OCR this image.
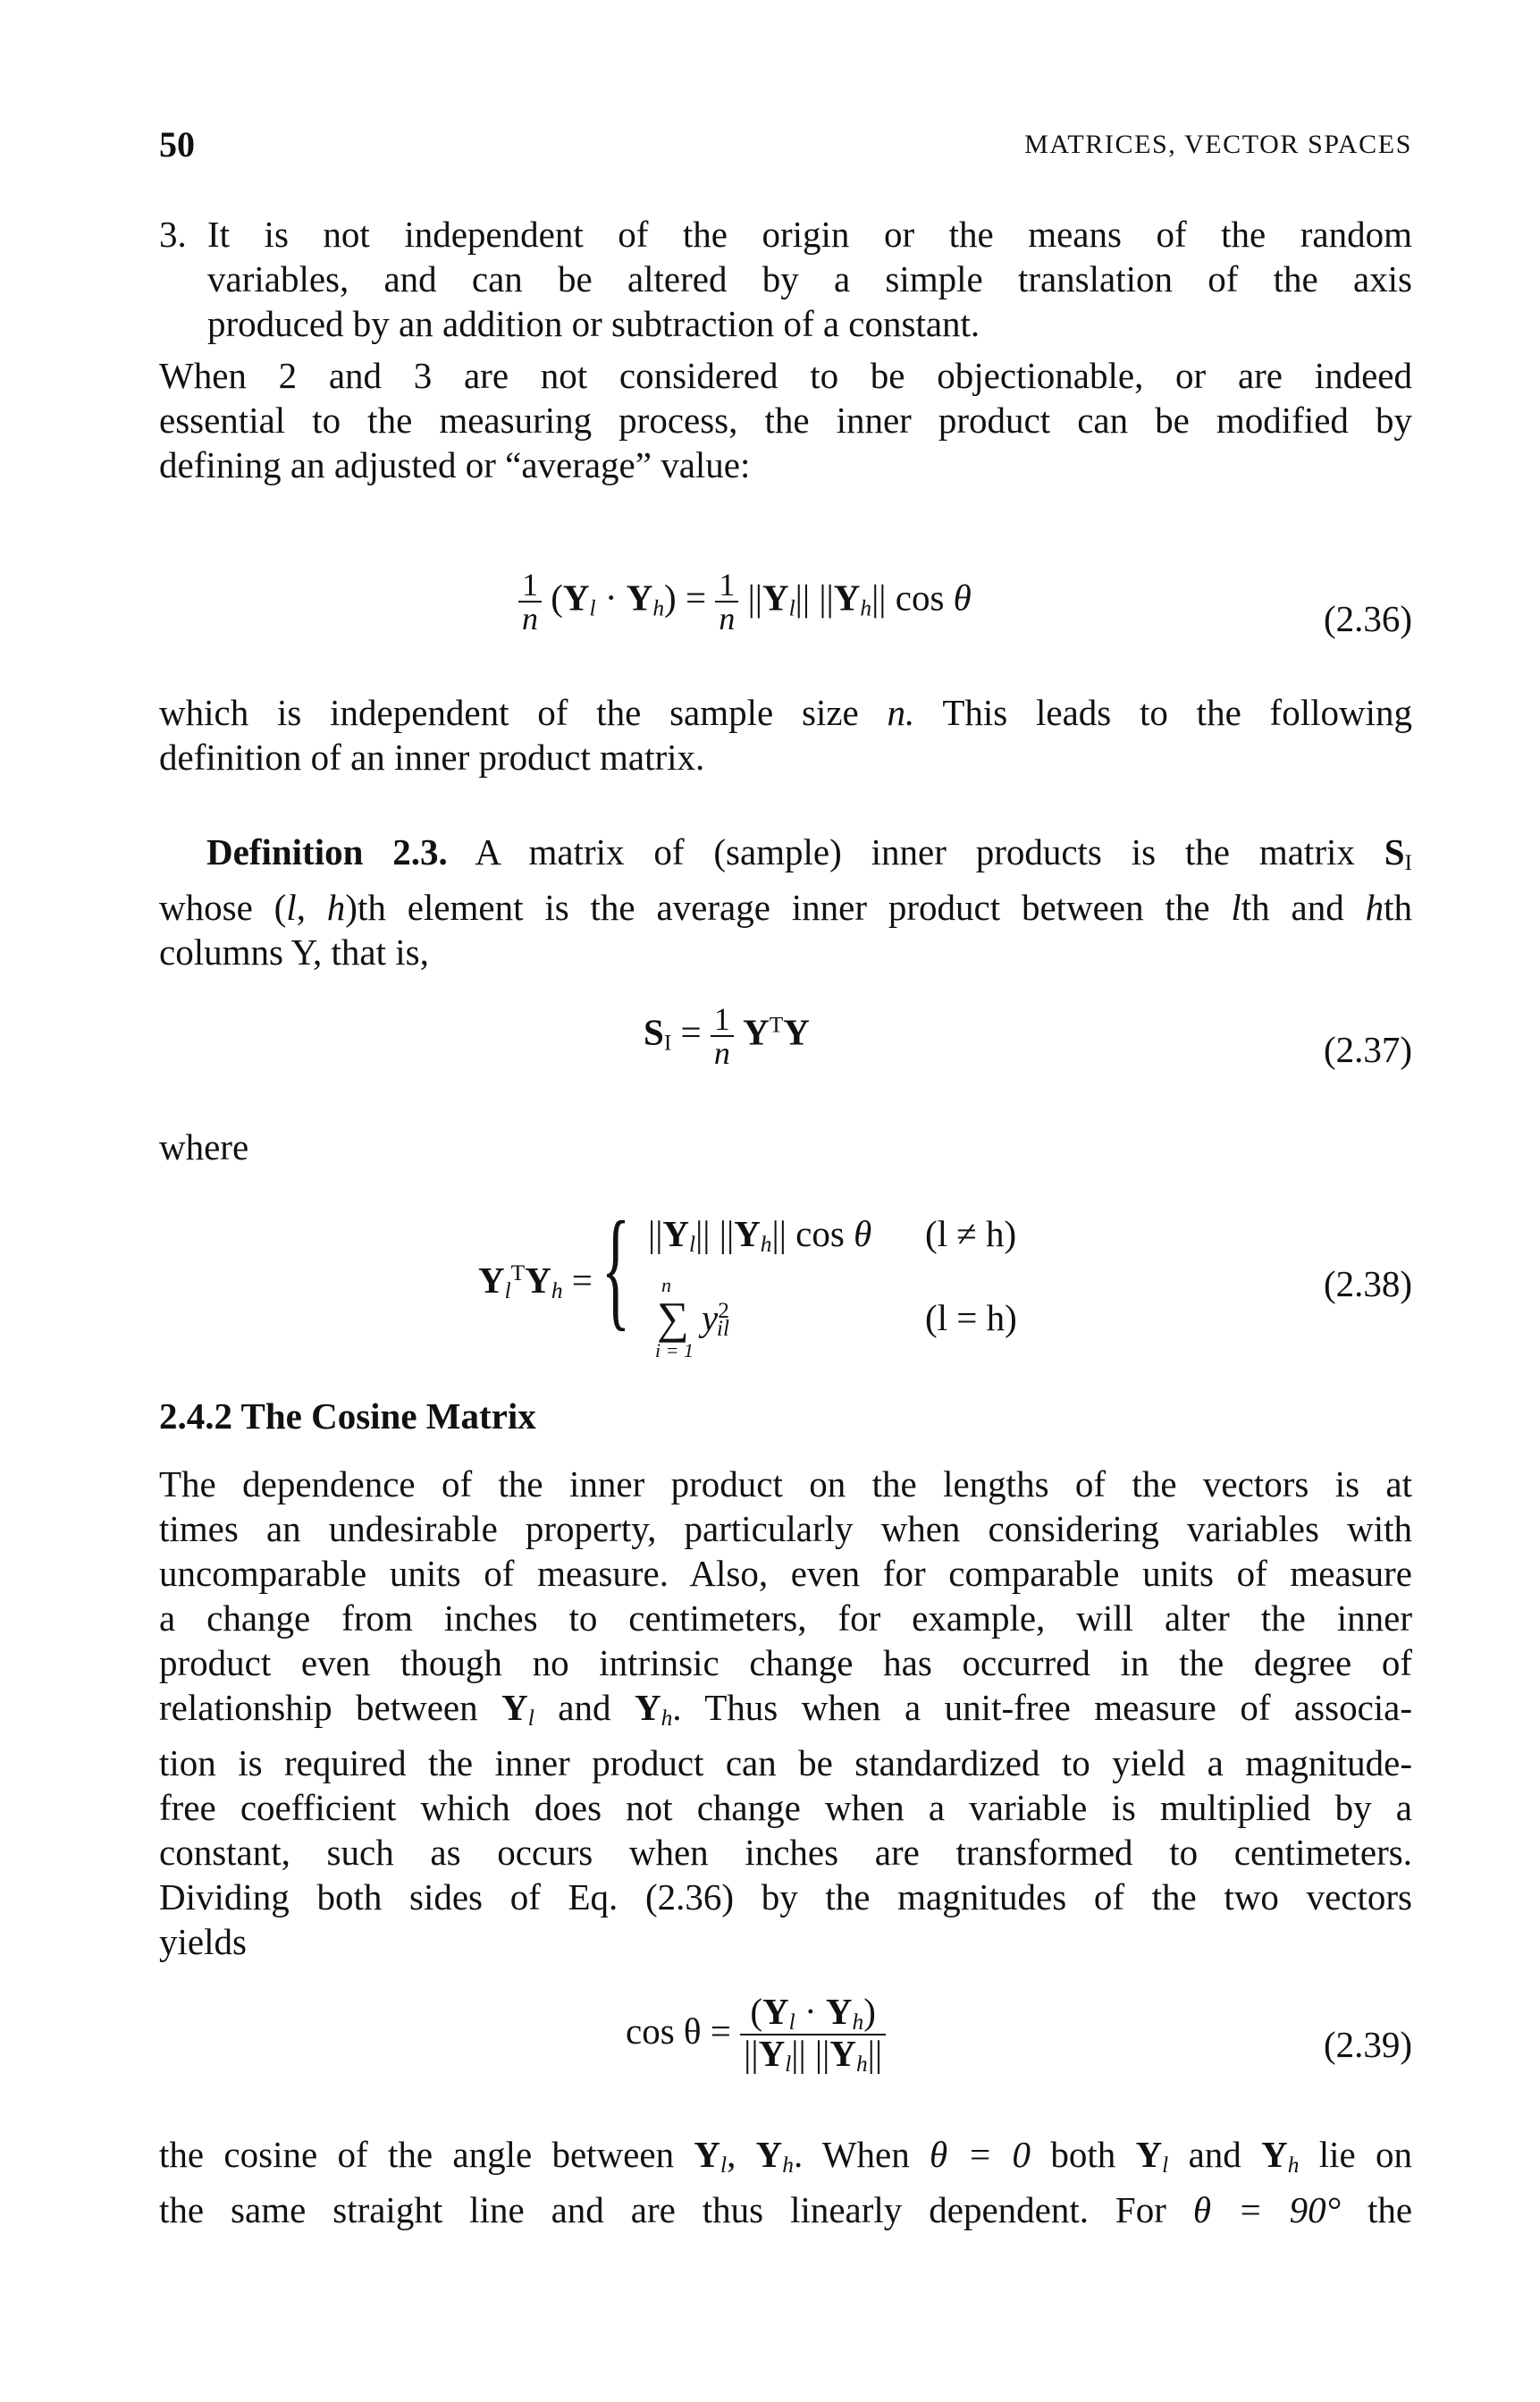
50	MATRICES, VECTOR SPACES
3. It is not independent of the origin or the means of the random
variables, and can be altered by a simple translation of the axis
produced by an addition or subtraction of a constant.
When 2 and 3 are not considered to be objectionable, or are indeed
essential to the measuring process, the inner product can be modified by
defining an adjusted or “average” value:
$\frac{1}{n} (Y_l \cdot Y_h) = \frac{1}{n} ||Y_l||$ $||Y_h||$ cos θ
(2.36)
which is independent of the sample size n. This leads to the following
definition of an inner product matrix.
Definition 2.3. A matrix of (sample) inner products is the matrix $S_I$
whose (l, h)th element is the average inner product between the lth and hth
columns Y, that is,
$S_I = \frac{1}{n} Y^TY$	(2.37)
where
$Y_l^TY_h$ = { $||Y_l||$ $||Y_h||$ cos θ (l ≠ h)
∑
n
i = 1
$y^2_{il}$	(l = h)
(2.38)
2.4.2 The Cosine Matrix
The dependence of the inner product on the lengths of the vectors is at
times an undesirable property, particularly when considering variables with
uncomparable units of measure. Also, even for comparable units of measure
a change from inches to centimeters, for example, will alter the inner
product even though no intrinsic change has occurred in the degree of
relationship between $Y_l$ and $Y_h$. Thus when a unit-free measure of associa-
tion is required the inner product can be standardized to yield a magnitude-
free coefficient which does not change when a variable is multiplied by a
constant, such as occurs when inches are transformed to centimeters.
Dividing both sides of Eq. (2.36) by the magnitudes of the two vectors
yields
$\cos \theta = \frac{(Y_l \cdot Y_h)}{||Y_l|| ||Y_h||}$	(2.39)
the cosine of the angle between $Y_l$, $Y_h$. When θ = 0 both $Y_l$ and $Y_h$ lie on
the same straight line and are thus linearly dependent. For θ = 90° the
